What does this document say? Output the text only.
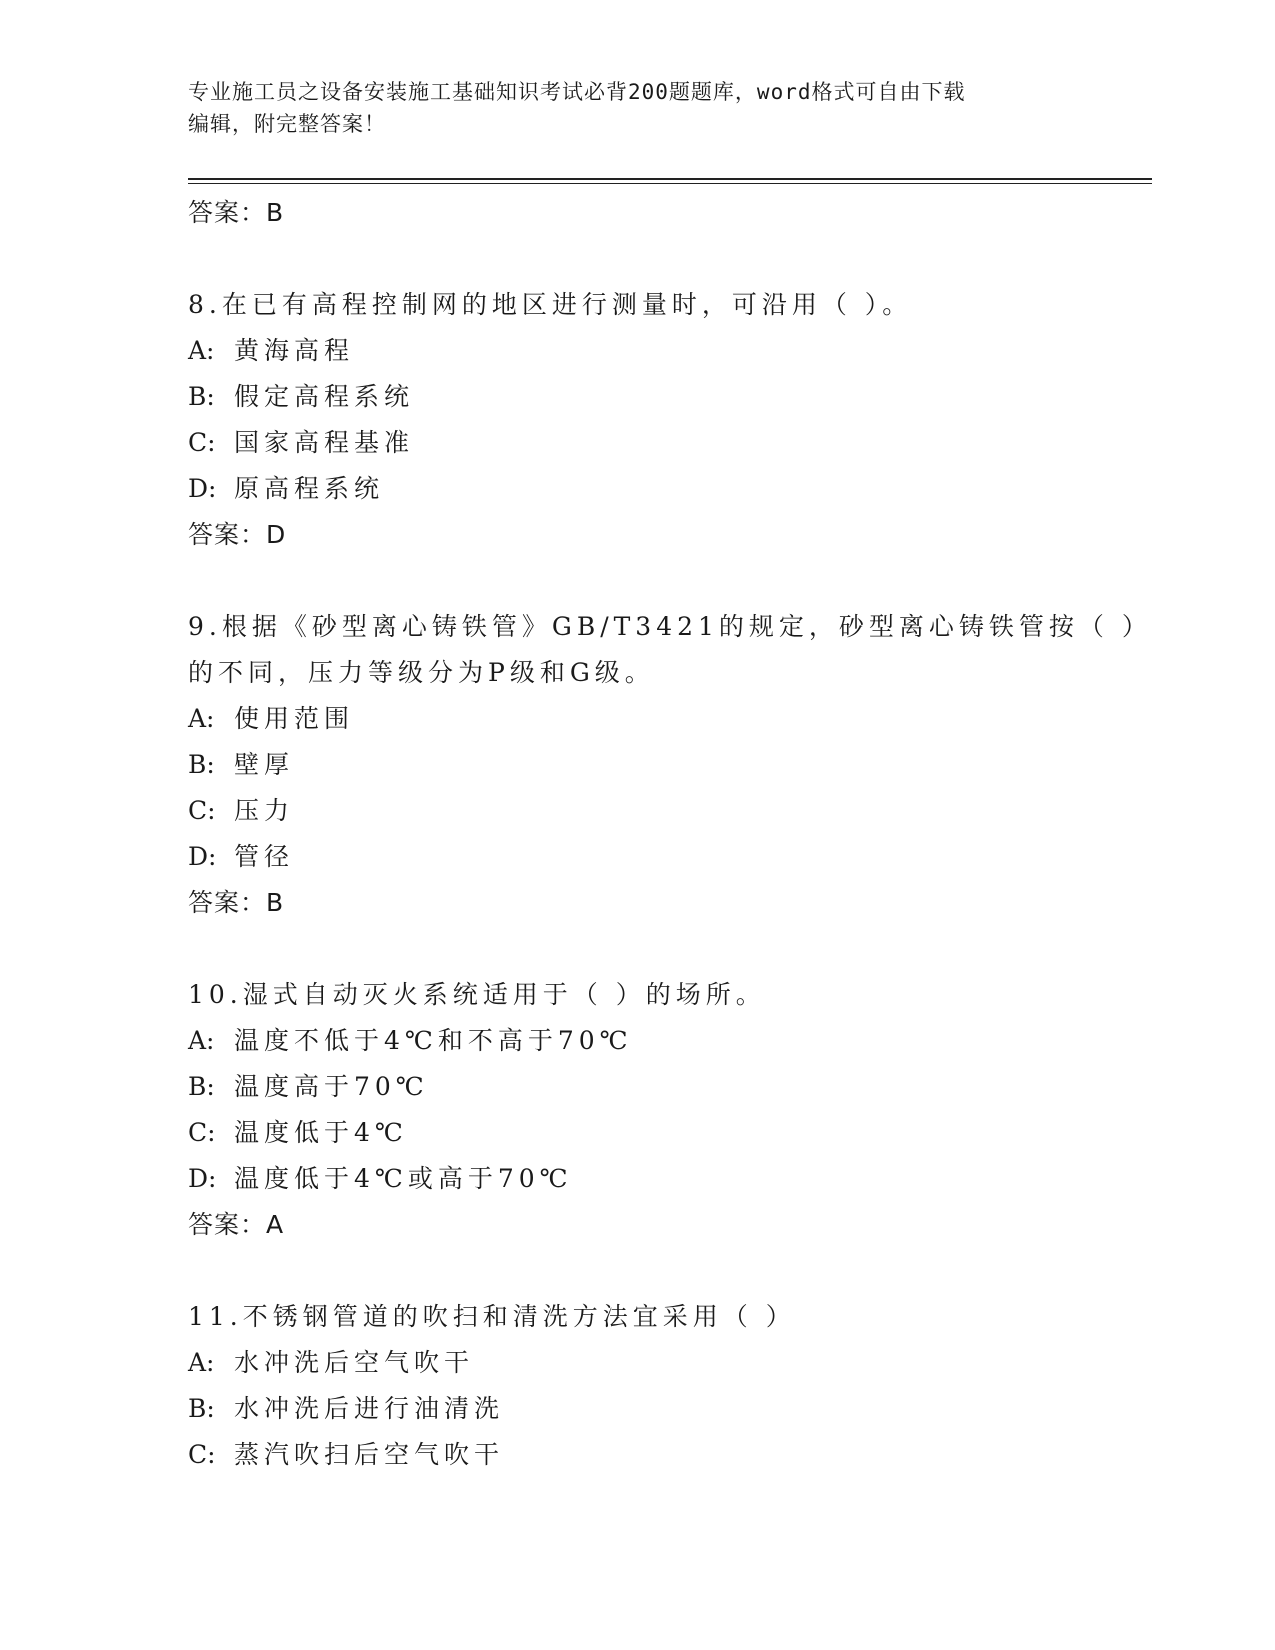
专业施工员之设备安装施工基础知识考试必背200题题库，word格式可自由下载
编辑，附完整答案！
答案：B
8.在已有高程控制网的地区进行测量时，可沿用（ ）。
A: 黄海高程
B: 假定高程系统
C: 国家高程基准
D: 原高程系统
答案：D
9.根据《砂型离心铸铁管》GB/T3421的规定，砂型离心铸铁管按（ ）
的不同，压力等级分为P级和G级。
A: 使用范围
B: 壁厚
C: 压力
D: 管径
答案：B
10.湿式自动灭火系统适用于（ ）的场所。
A: 温度不低于4℃和不高于70℃
B: 温度高于70℃
C: 温度低于4℃
D: 温度低于4℃或高于70℃
答案：A
11.不锈钢管道的吹扫和清洗方法宜采用（ ）
A: 水冲洗后空气吹干
B: 水冲洗后进行油清洗
C: 蒸汽吹扫后空气吹干
